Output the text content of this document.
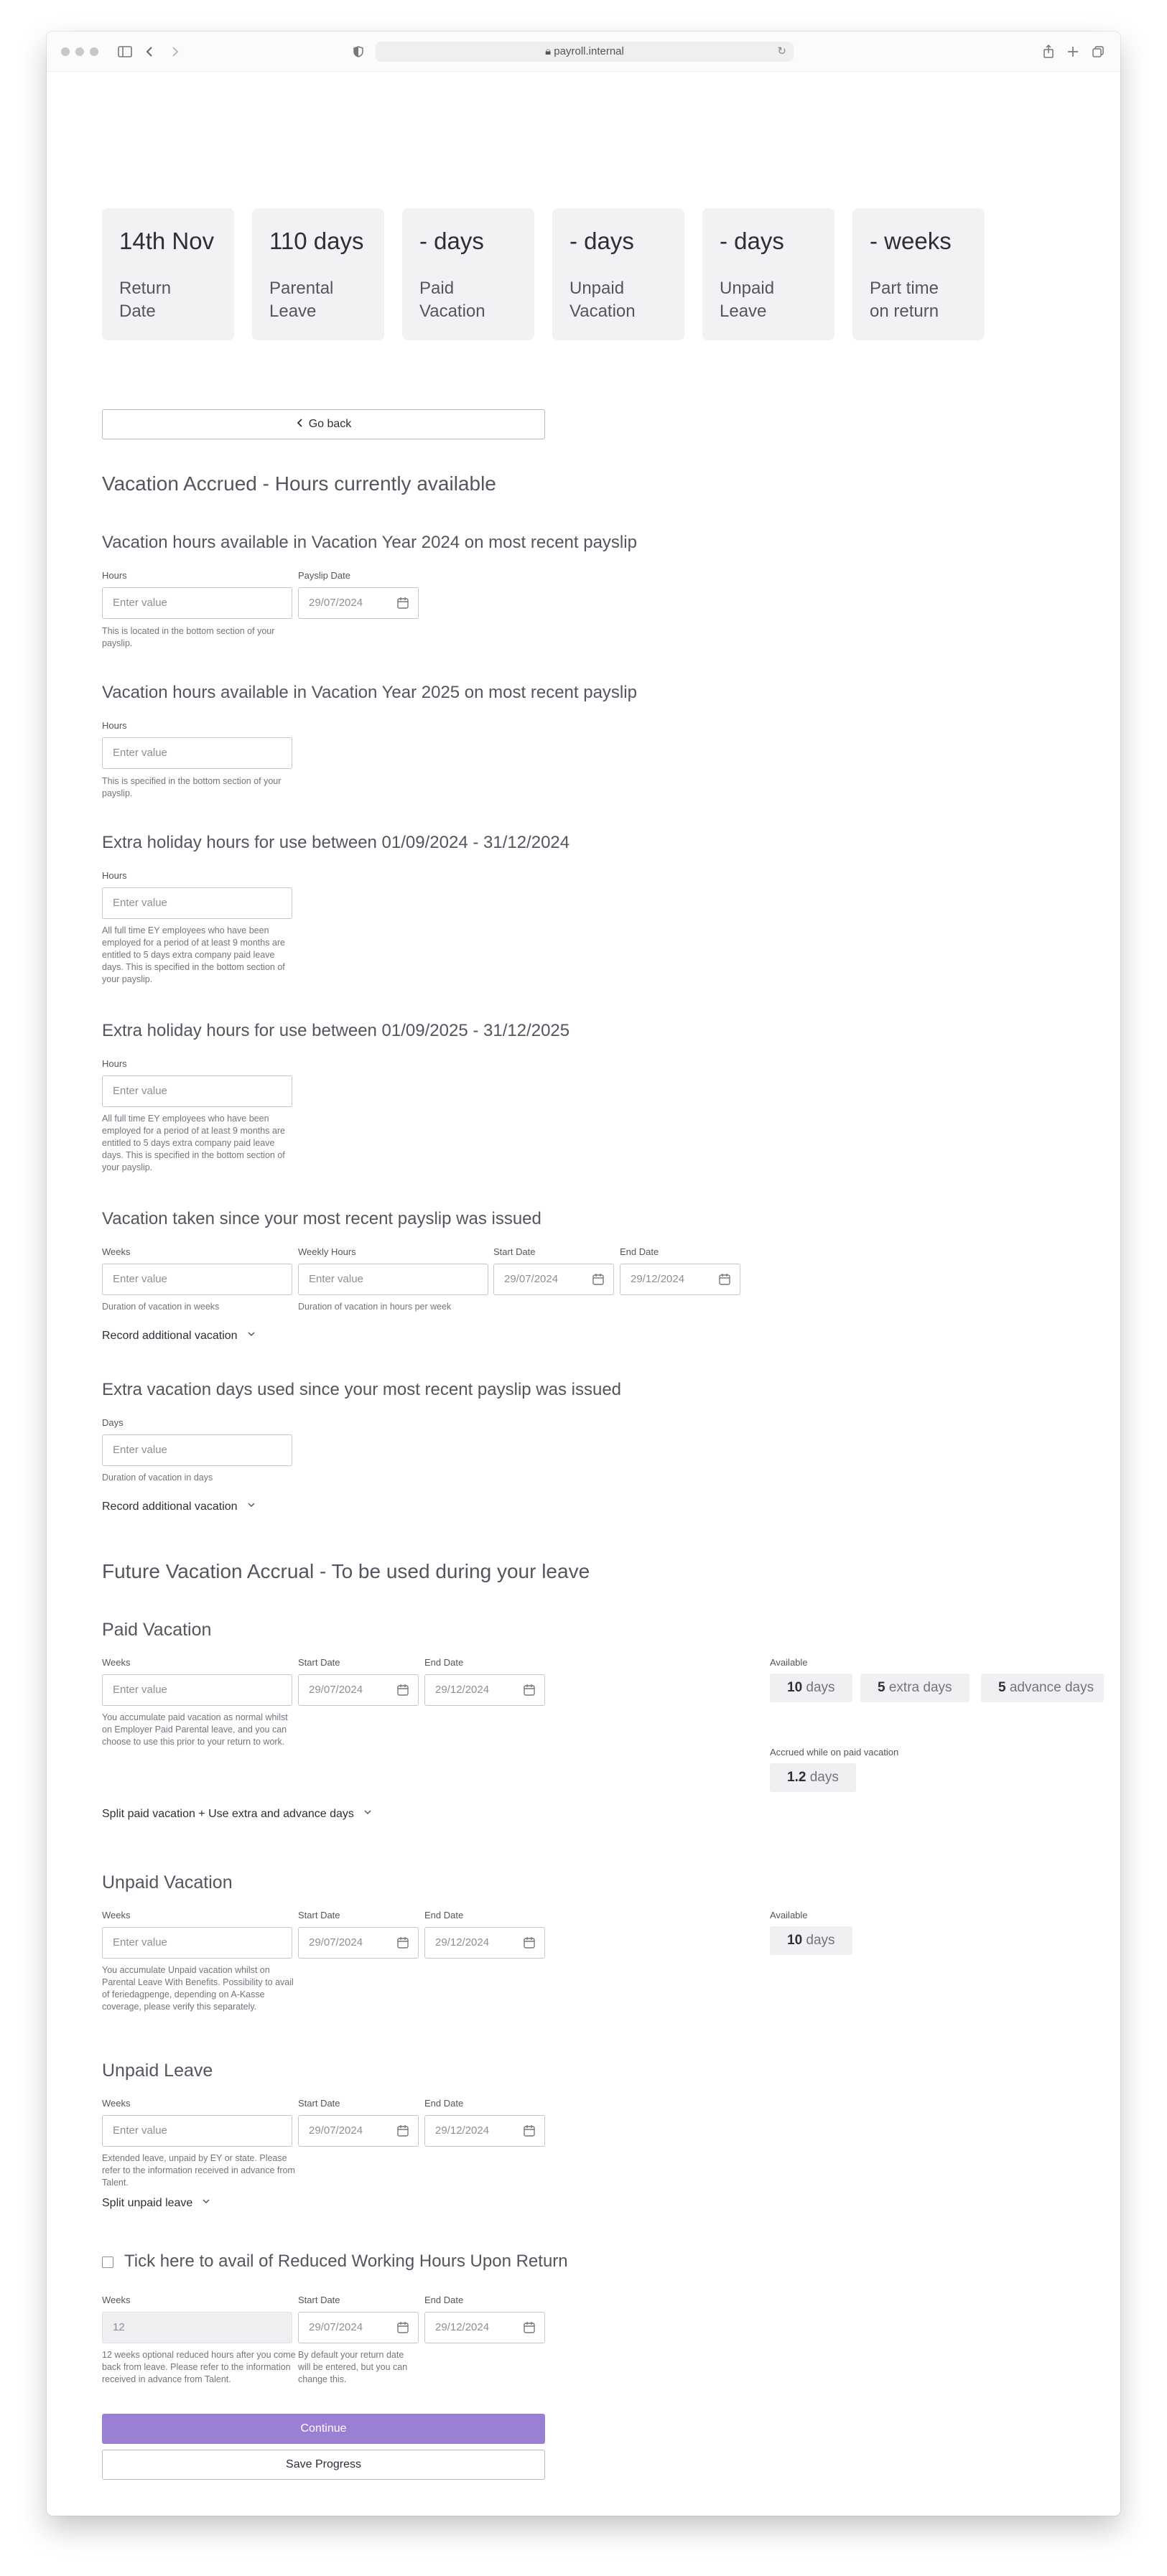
🔒︎ payroll.internal	↻
14th Nov
Return Date
110 days
Parental Leave
- days
Paid Vacation
- days
Unpaid Vacation
- days
Unpaid Leave
- weeks
Part time on return
Go back
Vacation Accrued - Hours currently available
Vacation hours available in Vacation Year 2024 on most recent payslip
Hours
Enter value
Payslip Date
29/07/2024
This is located in the bottom section of your payslip.
Vacation hours available in Vacation Year 2025 on most recent payslip
Hours
Enter value
This is specified in the bottom section of your payslip.
Extra holiday hours for use between 01/09/2024 - 31/12/2024
Hours
Enter value
All full time EY employees who have been employed for a period of at least 9 months are entitled to 5 days extra company paid leave days. This is specified in the bottom section of your payslip.
Extra holiday hours for use between 01/09/2025 - 31/12/2025
Hours
Enter value
All full time EY employees who have been employed for a period of at least 9 months are entitled to 5 days extra company paid leave days. This is specified in the bottom section of your payslip.
Vacation taken since your most recent payslip was issued
Weeks
Enter value
Duration of vacation in weeks
Weekly Hours
Enter value
Duration of vacation in hours per week
Start Date
29/07/2024
End Date
29/12/2024
Record additional vacation
Extra vacation days used since your most recent payslip was issued
Days
Enter value
Duration of vacation in days
Record additional vacation
Future Vacation Accrual - To be used during your leave
Paid Vacation
Weeks
Enter value
Start Date
29/07/2024
End Date
29/12/2024
You accumulate paid vacation as normal whilst on Employer Paid Parental leave, and you can choose to use this prior to your return to work.
Available
10 days	5 extra days	5 advance days
Accrued while on paid vacation
1.2 days
Split paid vacation + Use extra and advance days
Unpaid Vacation
Weeks
Enter value
Start Date
29/07/2024
End Date
29/12/2024
You accumulate Unpaid vacation whilst on Parental Leave With Benefits. Possibility to avail of feriedagpenge, depending on A-Kasse coverage, please verify this separately.
Available
10 days
Unpaid Leave
Weeks
Enter value
Start Date
29/07/2024
End Date
29/12/2024
Extended leave, unpaid by EY or state. Please refer to the information received in advance from Talent.
Split unpaid leave
Tick here to avail of Reduced Working Hours Upon Return
Weeks
12
Start Date
29/07/2024
End Date
29/12/2024
12 weeks optional reduced hours after you come back from leave. Please refer to the information received in advance from Talent.
By default your return date will be entered, but you can change this.
Continue
Save Progress
